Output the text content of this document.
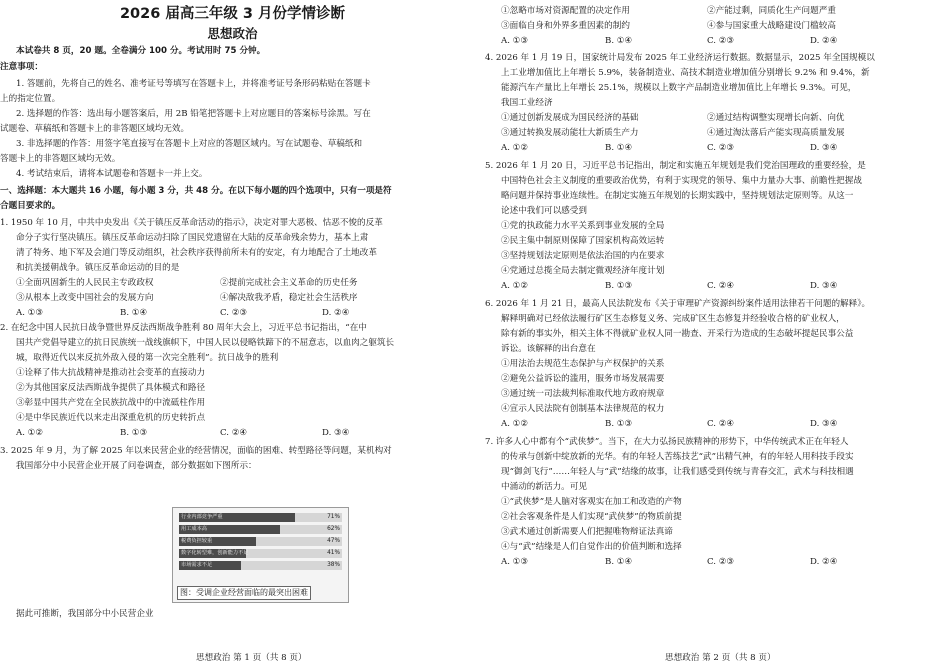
2026 届高三年级 3 月份学情诊断
思想政治
本试卷共 8 页，20 题。全卷满分 100 分。考试用时 75 分钟。
注意事项：
1. 答题前，先将自己的姓名、准考证号等填写在答题卡上，并将准考证号条形码粘贴在答题卡
上的指定位置。
2. 选择题的作答：选出每小题答案后，用 2B 铅笔把答题卡上对应题目的答案标号涂黑。写在
试题卷、草稿纸和答题卡上的非答题区域均无效。
3. 非选择题的作答：用签字笔直接写在答题卡上对应的答题区域内。写在试题卷、草稿纸和
答题卡上的非答题区域均无效。
4. 考试结束后，请将本试题卷和答题卡一并上交。
一、选择题：本大题共 16 小题，每小题 3 分，共 48 分。在以下每小题的四个选项中，只有一项是符
合题目要求的。
1. 1950 年 10 月，中共中央发出《关于镇压反革命活动的指示》，决定对罪大恶极、怙恶不悛的反革
命分子实行坚决镇压。镇压反革命运动扫除了国民党遗留在大陆的反革命残余势力，基本上肃
清了特务、地下军及会道门等反动组织，社会秩序获得前所未有的安定，有力地配合了土地改革
和抗美援朝战争。镇压反革命运动的目的是
①全面巩固新生的人民民主专政政权	②提前完成社会主义革命的历史任务
③从根本上改变中国社会的发展方向	④解决敌我矛盾，稳定社会生活秩序
A. ①③	B. ①④	C. ②③	D. ②④
2. 在纪念中国人民抗日战争暨世界反法西斯战争胜利 80 周年大会上，习近平总书记指出，“在中
国共产党倡导建立的抗日民族统一战线旗帜下，中国人民以侵略铁蹄下的不屈意志，以血肉之躯筑长
城，取得近代以来反抗外敌入侵的第一次完全胜利”。抗日战争的胜利
①诠释了伟大抗战精神是推动社会变革的直接动力
②为其他国家反法西斯战争提供了具体模式和路径
③彰显中国共产党在全民族抗战中的中流砥柱作用
④是中华民族近代以来走出深重危机的历史转折点
A. ①②	B. ①③	C. ②④	D. ③④
3. 2025 年 9 月，为了解 2025 年以来民营企业的经营情况，面临的困难、转型路径等问题，某机构对
我国部分中小民营企业开展了问卷调查，部分数据如下图所示：
图：受调企业经营面临的最突出困难
行业内部竞争严重	71%
用工成本高	62%
税费负担较重	47%
数字化转型难，创新能力不足	41%
市场需求不足	38%
据此可推断，我国部分中小民营企业
思想政治 第 1 页（共 8 页）
①忽略市场对资源配置的决定作用	②产能过剩，同质化生产问题严重
③面临自身和外界多重因素的制约	④参与国家重大战略建设门槛较高
A. ①③	B. ①④	C. ②③	D. ②④
4. 2026 年 1 月 19 日，国家统计局发布 2025 年工业经济运行数据。数据显示，2025 年全国规模以
上工业增加值比上年增长 5.9%，装备制造业、高技术制造业增加值分别增长 9.2% 和 9.4%，新
能源汽车产量比上年增长 25.1%，规模以上数字产品制造业增加值比上年增长 9.3%。可见，
我国工业经济
①通过创新发展成为国民经济的基础	②通过结构调整实现增长向新、向优
③通过转换发展动能壮大新质生产力	④通过淘汰落后产能实现高质量发展
A. ①②	B. ①④	C. ②③	D. ③④
5. 2026 年 1 月 20 日，习近平总书记指出，制定和实施五年规划是我们党治国理政的重要经验，是
中国特色社会主义制度的重要政治优势，有利于实现党的领导、集中力量办大事、前瞻性把握战
略问题并保持事业连续性。在制定实施五年规划的长期实践中，坚持规划法定原则等。从这一
论述中我们可以感受到
①党的执政能力水平关系到事业发展的全局
②民主集中制原则保障了国家机构高效运转
③坚持规划法定原则是依法治国的内在要求
④党通过总揽全局去制定微观经济年度计划
A. ①②	B. ①③	C. ②④	D. ③④
6. 2026 年 1 月 21 日，最高人民法院发布《关于审理矿产资源纠纷案件适用法律若干问题的解释》。
解释明确对已经依法履行矿区生态修复义务、完成矿区生态修复并经验收合格的矿业权人，
除有新的事实外，相关主体不得就矿业权人同一勘查、开采行为造成的生态破坏提起民事公益
诉讼。该解释的出台意在
①用法治去规范生态保护与产权保护的关系
②避免公益诉讼的滥用，服务市场发展需要
③通过统一司法裁判标准取代地方政府规章
④宣示人民法院有创制基本法律规范的权力
A. ①②	B. ①③	C. ②④	D. ③④
7. 许多人心中都有个“武侠梦”。当下，在大力弘扬民族精神的形势下，中华传统武术正在年轻人
的传承与创新中绽放新的光华。有的年轻人苦练技艺“武”出精气神，有的年轻人用科技手段实
现“御剑飞行”……年轻人与“武”结缘的故事，让我们感受到传统与青春交汇，武术与科技相遇
中涌动的新活力。可见
①“武侠梦”是人脑对客观实在加工和改造的产物
②社会客观条件是人们实现“武侠梦”的物质前提
③武术通过创新需要人们把握唯物辩证法真谛
④与“武”结缘是人们自觉作出的价值判断和选择
A. ①③	B. ①④	C. ②③	D. ②④
思想政治 第 2 页（共 8 页）
